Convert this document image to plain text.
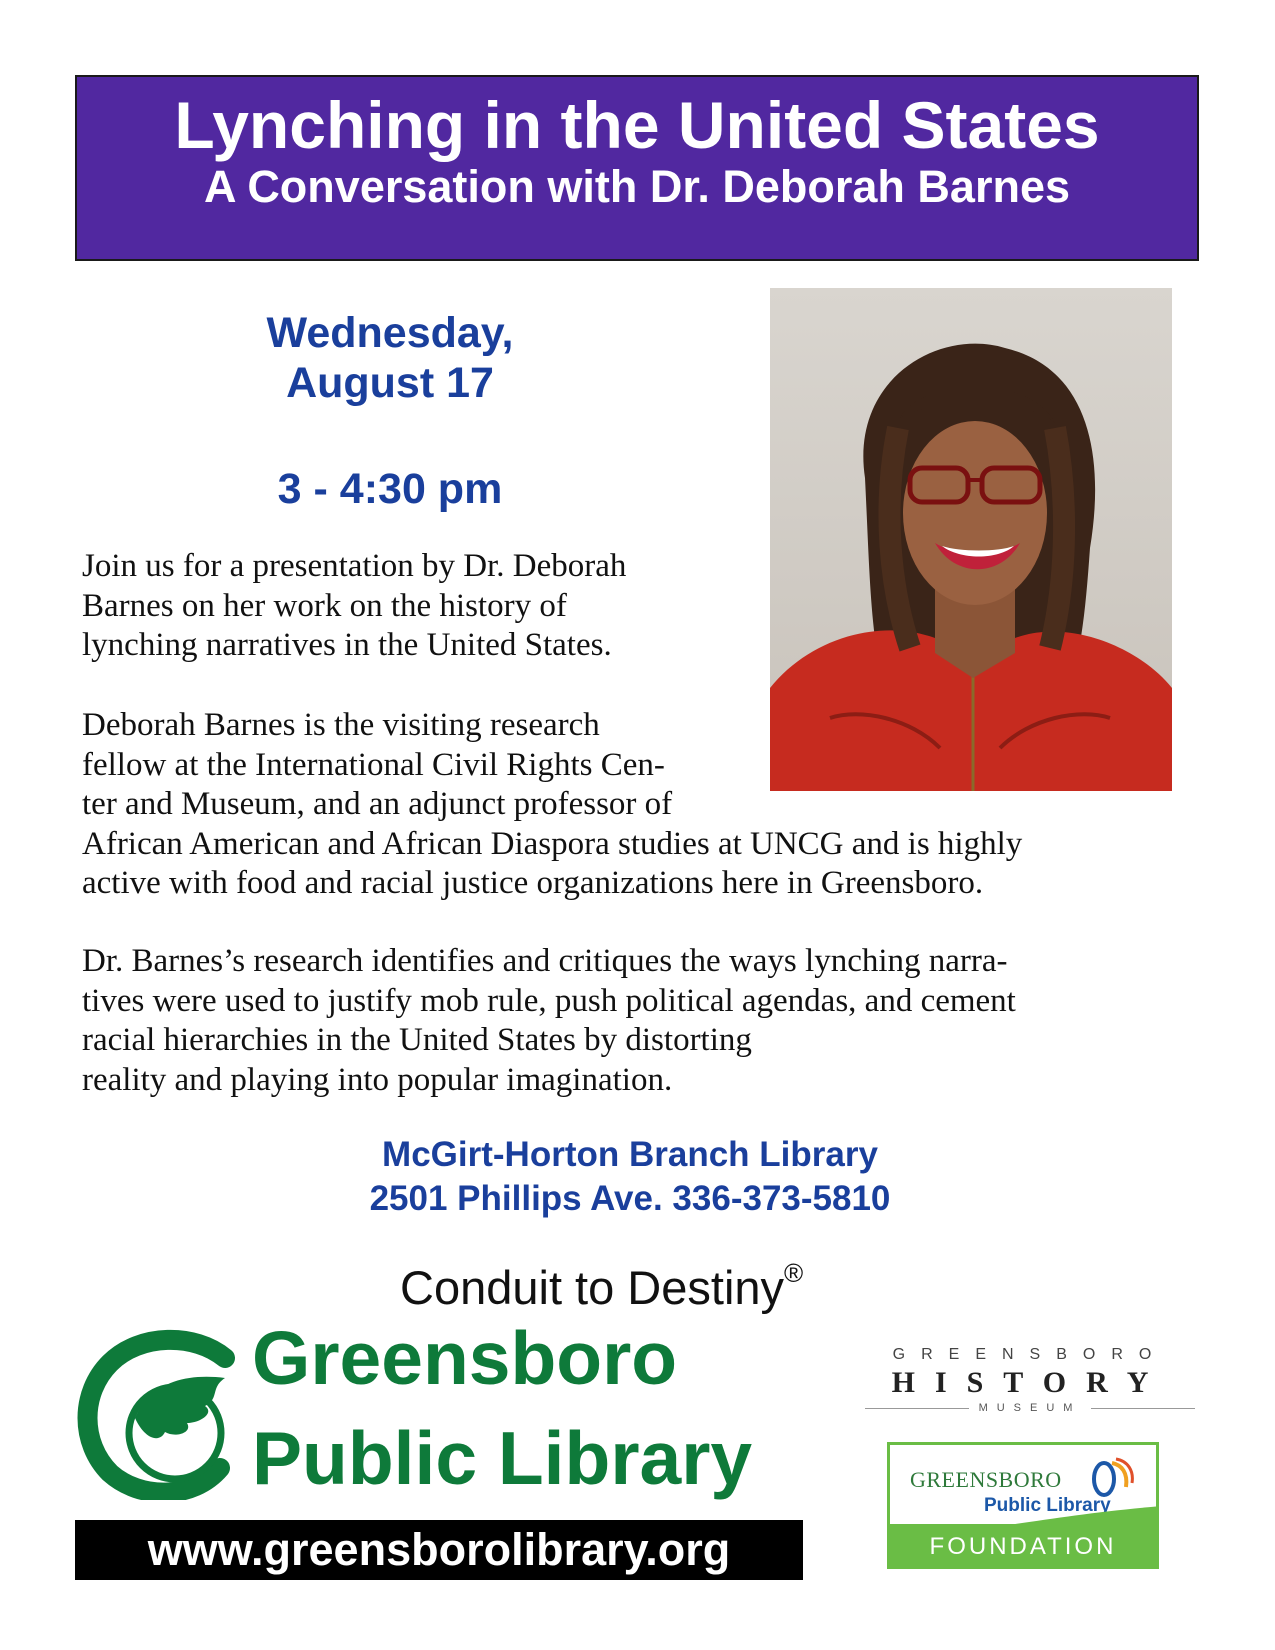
Lynching in the United States
A Conversation with Dr. Deborah Barnes
Wednesday,
August 17
3 - 4:30 pm

Join us for a presentation by Dr. Deborah
Barnes on her work on the history of
lynching narratives in the United States.

Deborah Barnes is the visiting research
fellow at the International Civil Rights Cen-
ter and Museum, and an adjunct professor of
African American and African Diaspora studies at UNCG and is highly
active with food and racial justice organizations here in Greensboro.

Dr. Barnes’s research identifies and critiques the ways lynching narra-
tives were used to justify mob rule, push political agendas, and cement
racial hierarchies in the United States by distorting
reality and playing into popular imagination.

McGirt-Horton Branch Library
2501 Phillips Ave. 336-373-5810
Conduit to Destiny®
Greensboro
Public Library
www.greensborolibrary.org
GREENSBORO
HISTORY
MUSEUM
GREENSBORO
Public Library
FOUNDATION
